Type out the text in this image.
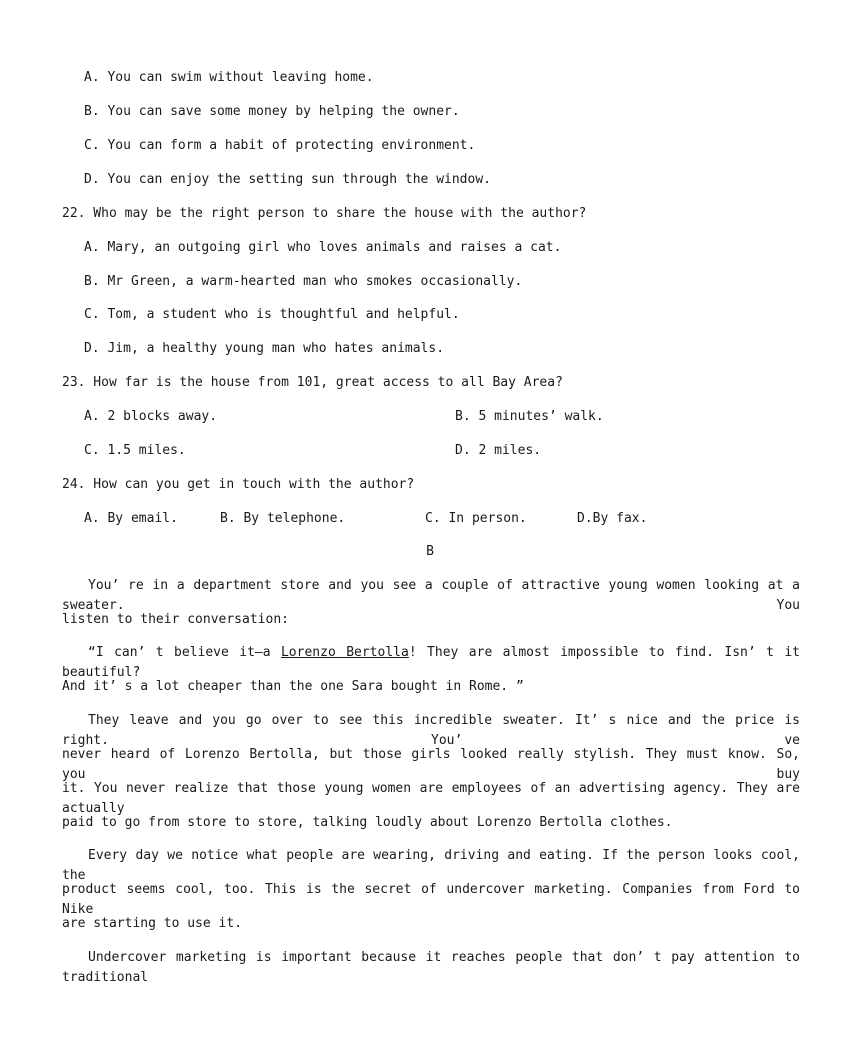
A. You can swim without leaving home.
B. You can save some money by helping the owner.
C. You can form a habit of protecting environment.
D. You can enjoy the setting sun through the window.
22. Who may be the right person to share the house with the author?
A. Mary, an outgoing girl who loves animals and raises a cat.
B. Mr Green, a warm-hearted man who smokes occasionally.
C. Tom, a student who is thoughtful and helpful.
D. Jim, a healthy young man who hates animals.
23. How far is the house from 101, great access to all Bay Area?
A. 2 blocks away.	B. 5 minutes’ walk.
C. 1.5 miles.	D. 2 miles.
24. How can you get in touch with the author?
A. By email.	B. By telephone.	C. In person.	D.By fax.
B
You’ re in a department store and you see a couple of attractive young women looking at a sweater. You
listen to their conversation:
“I can’ t believe it—a Lorenzo Bertolla! They are almost impossible to find. Isn’ t it beautiful?
And it’ s a lot cheaper than the one Sara bought in Rome. ”
They leave and you go over to see this incredible sweater. It’ s nice and the price is right. You’ ve
never heard of Lorenzo Bertolla, but those girls looked really stylish. They must know. So, you buy
it. You never realize that those young women are employees of an advertising agency. They are actually
paid to go from store to store, talking loudly about Lorenzo Bertolla clothes.
Every day we notice what people are wearing, driving and eating. If the person looks cool, the
product seems cool, too. This is the secret of undercover marketing. Companies from Ford to Nike
are starting to use it.
Undercover marketing is important because it reaches people that don’ t pay attention to traditional
